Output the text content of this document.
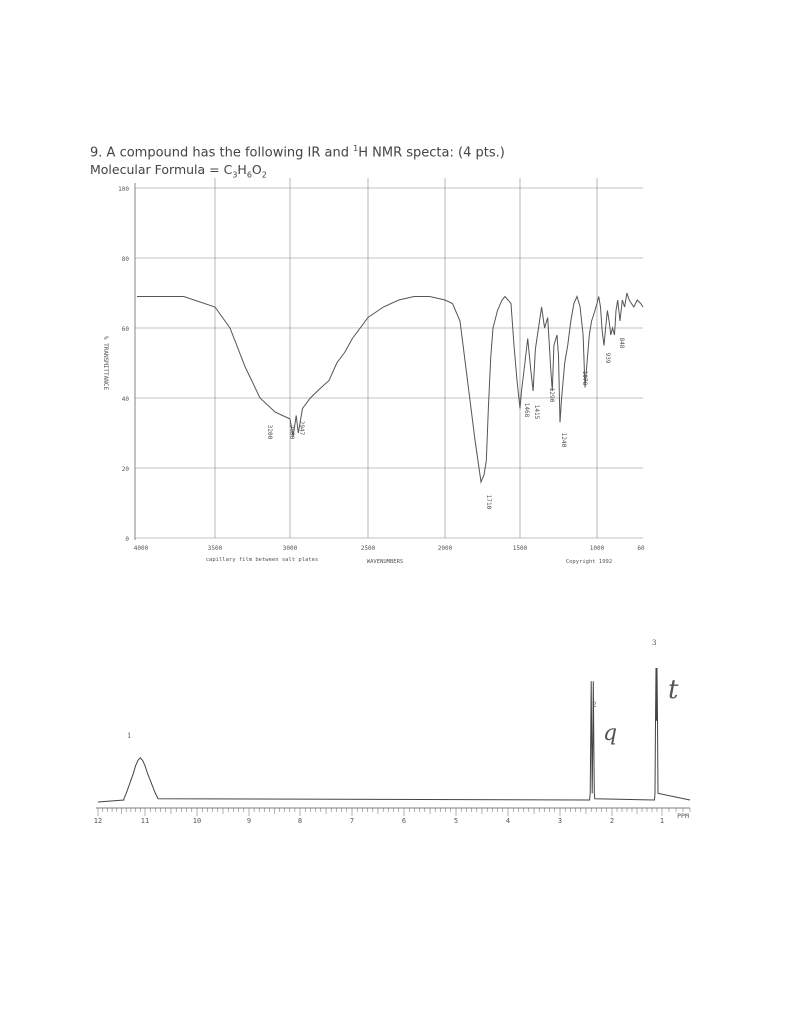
9. A compound has the following IR and $^1$H NMR specta: (4 pts.)
Molecular Formula = $C_3H_6O_2$
100
80
60
40
20
0
4000	3500	3000	2500	2000	1500	1000	60
% TRANSMITTANCE
WAVENUMBERS
capillary film between salt plates	Copyright 1992
3200	2980 2947
1710
1468 1415
1290
1240
1078
939
848
12	11	10	9	8	7	6	5	4	3	2	1
PPM
1
2
3
q
t
